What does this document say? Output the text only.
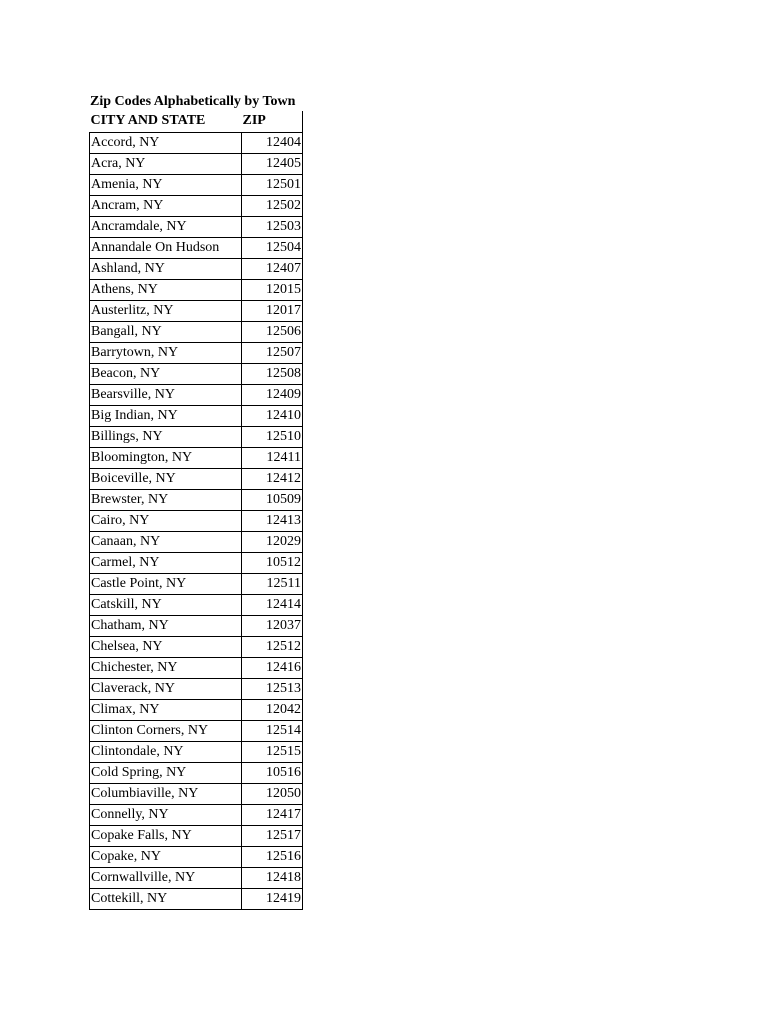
Zip Codes Alphabetically by Town
CITY AND STATE	ZIP
Accord, NY	12404
Acra, NY	12405
Amenia, NY	12501
Ancram, NY	12502
Ancramdale, NY	12503
Annandale On Hudson	12504
Ashland, NY	12407
Athens, NY	12015
Austerlitz, NY	12017
Bangall, NY	12506
Barrytown, NY	12507
Beacon, NY	12508
Bearsville, NY	12409
Big Indian, NY	12410
Billings, NY	12510
Bloomington, NY	12411
Boiceville, NY	12412
Brewster, NY	10509
Cairo, NY	12413
Canaan, NY	12029
Carmel, NY	10512
Castle Point, NY	12511
Catskill, NY	12414
Chatham, NY	12037
Chelsea, NY	12512
Chichester, NY	12416
Claverack, NY	12513
Climax, NY	12042
Clinton Corners, NY	12514
Clintondale, NY	12515
Cold Spring, NY	10516
Columbiaville, NY	12050
Connelly, NY	12417
Copake Falls, NY	12517
Copake, NY	12516
Cornwallville, NY	12418
Cottekill, NY	12419
